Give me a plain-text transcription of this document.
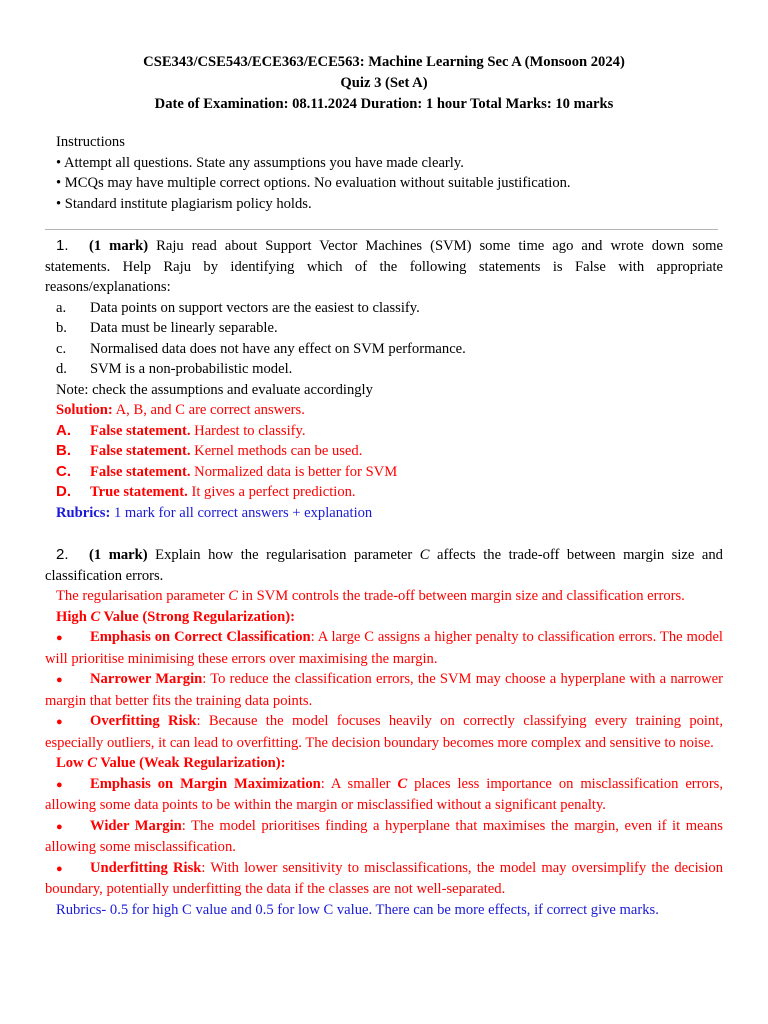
CSE343/CSE543/ECE363/ECE563: Machine Learning Sec A (Monsoon 2024)
Quiz 3 (Set A)
Date of Examination: 08.11.2024 Duration: 1 hour Total Marks: 10 marks
Instructions
• Attempt all questions. State any assumptions you have made clearly.
• MCQs may have multiple correct options. No evaluation without suitable justification.
• Standard institute plagiarism policy holds.
1. (1 mark) Raju read about Support Vector Machines (SVM) some time ago and wrote down some statements. Help Raju by identifying which of the following statements is False with appropriate reasons/explanations:
a.	Data points on support vectors are the easiest to classify.
b.	Data must be linearly separable.
c.	Normalised data does not have any effect on SVM performance.
d.	SVM is a non-probabilistic model.
Note: check the assumptions and evaluate accordingly
Solution: A, B, and C are correct answers.
A.	False statement. Hardest to classify.
B.	False statement. Kernel methods can be used.
C.	False statement. Normalized data is better for SVM
D.	True statement. It gives a perfect prediction.
Rubrics: 1 mark for all correct answers + explanation
2. (1 mark) Explain how the regularisation parameter C affects the trade-off between margin size and classification errors.
The regularisation parameter C in SVM controls the trade-off between margin size and classification errors.
High C Value (Strong Regularization):
● Emphasis on Correct Classification: A large C assigns a higher penalty to classification errors. The model will prioritise minimising these errors over maximising the margin.
● Narrower Margin: To reduce the classification errors, the SVM may choose a hyperplane with a narrower margin that better fits the training data points.
● Overfitting Risk: Because the model focuses heavily on correctly classifying every training point, especially outliers, it can lead to overfitting. The decision boundary becomes more complex and sensitive to noise.
Low C Value (Weak Regularization):
● Emphasis on Margin Maximization: A smaller C places less importance on misclassification errors, allowing some data points to be within the margin or misclassified without a significant penalty.
● Wider Margin: The model prioritises finding a hyperplane that maximises the margin, even if it means allowing some misclassification.
● Underfitting Risk: With lower sensitivity to misclassifications, the model may oversimplify the decision boundary, potentially underfitting the data if the classes are not well-separated.
Rubrics- 0.5 for high C value and 0.5 for low C value. There can be more effects, if correct give marks.
